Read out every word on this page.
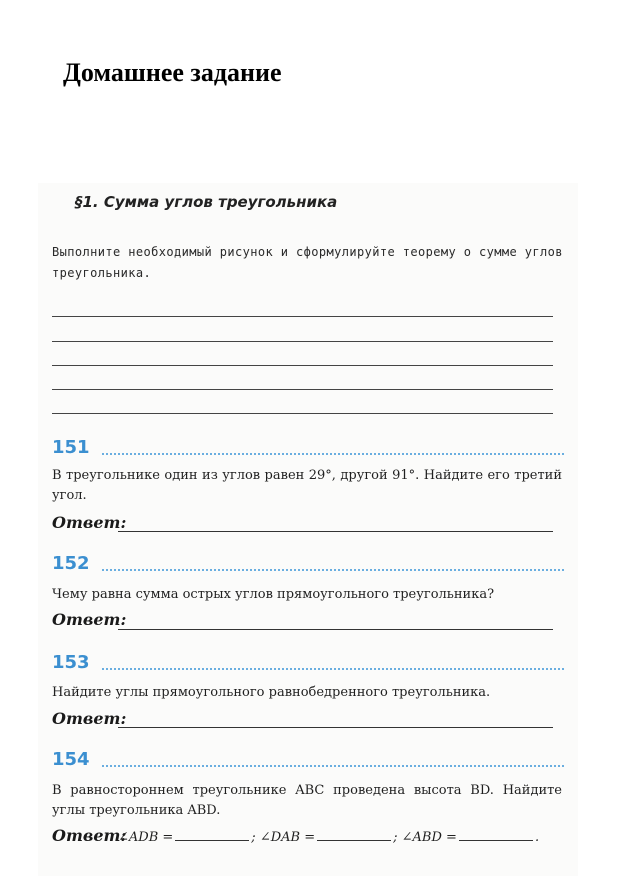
Домашнее задание
§1. Сумма углов треугольника
Выполните необходимый рисунок и сформулируйте теорему о сумме углов треугольника.
151
В треугольнике один из углов равен 29°, другой 91°. Найдите его третий угол.
Ответ:
152
Чему равна сумма острых углов прямоугольного треугольника?
Ответ:
153
Найдите углы прямоугольного равнобедренного треугольника.
Ответ:
154
В равностороннем треугольнике ABC проведена высота BD. Найдите углы треугольника ABD.
Ответ:
∠ADB =	; ∠DAB =	; ∠ABD =	.
